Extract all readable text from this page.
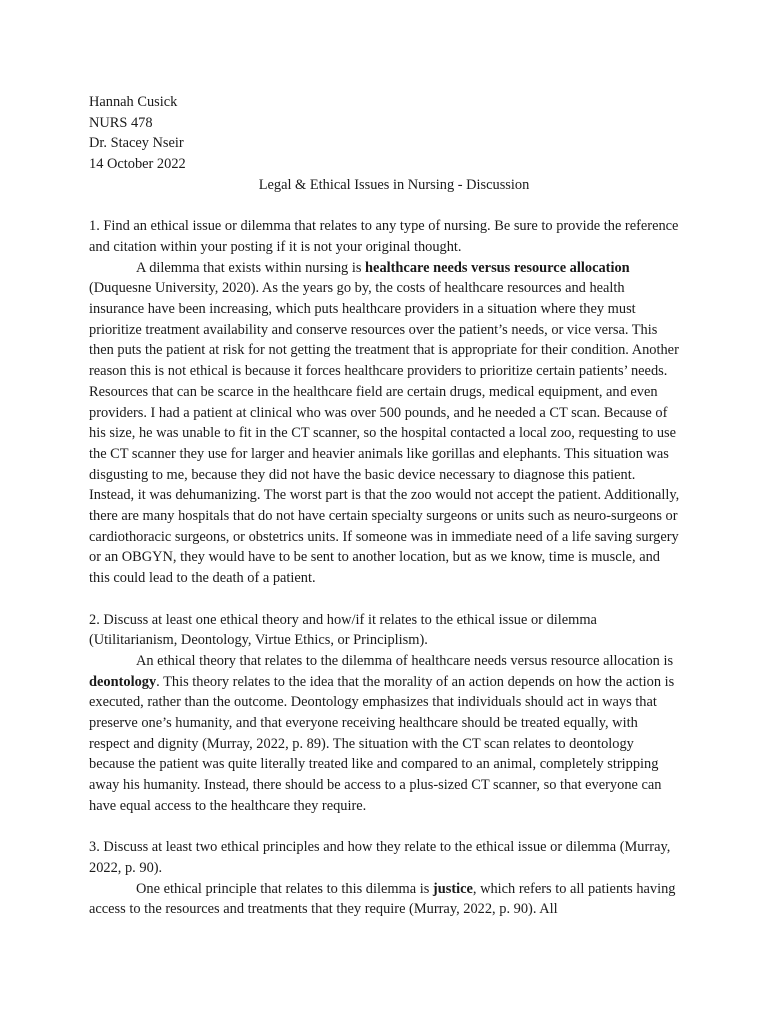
Hannah Cusick

NURS 478

Dr. Stacey Nseir

14 October 2022

Legal & Ethical Issues in Nursing - Discussion

1. Find an ethical issue or dilemma that relates to any type of nursing. Be sure to provide the reference and citation within your posting if it is not your original thought.

A dilemma that exists within nursing is healthcare needs versus resource allocation (Duquesne University, 2020). As the years go by, the costs of healthcare resources and health insurance have been increasing, which puts healthcare providers in a situation where they must prioritize treatment availability and conserve resources over the patient’s needs, or vice versa. This then puts the patient at risk for not getting the treatment that is appropriate for their condition. Another reason this is not ethical is because it forces healthcare providers to prioritize certain patients’ needs. Resources that can be scarce in the healthcare field are certain drugs, medical equipment, and even providers. I had a patient at clinical who was over 500 pounds, and he needed a CT scan. Because of his size, he was unable to fit in the CT scanner, so the hospital contacted a local zoo, requesting to use the CT scanner they use for larger and heavier animals like gorillas and elephants. This situation was disgusting to me, because they did not have the basic device necessary to diagnose this patient. Instead, it was dehumanizing. The worst part is that the zoo would not accept the patient. Additionally, there are many hospitals that do not have certain specialty surgeons or units such as neuro-surgeons or cardiothoracic surgeons, or obstetrics units. If someone was in immediate need of a life saving surgery or an OBGYN, they would have to be sent to another location, but as we know, time is muscle, and this could lead to the death of a patient.

2. Discuss at least one ethical theory and how/if it relates to the ethical issue or dilemma (Utilitarianism, Deontology, Virtue Ethics, or Principlism).

An ethical theory that relates to the dilemma of healthcare needs versus resource allocation is deontology. This theory relates to the idea that the morality of an action depends on how the action is executed, rather than the outcome. Deontology emphasizes that individuals should act in ways that preserve one’s humanity, and that everyone receiving healthcare should be treated equally, with respect and dignity (Murray, 2022, p. 89). The situation with the CT scan relates to deontology because the patient was quite literally treated like and compared to an animal, completely stripping away his humanity. Instead, there should be access to a plus-sized CT scanner, so that everyone can have equal access to the healthcare they require.

3. Discuss at least two ethical principles and how they relate to the ethical issue or dilemma (Murray, 2022, p. 90).

One ethical principle that relates to this dilemma is justice, which refers to all patients having access to the resources and treatments that they require (Murray, 2022, p. 90). All
